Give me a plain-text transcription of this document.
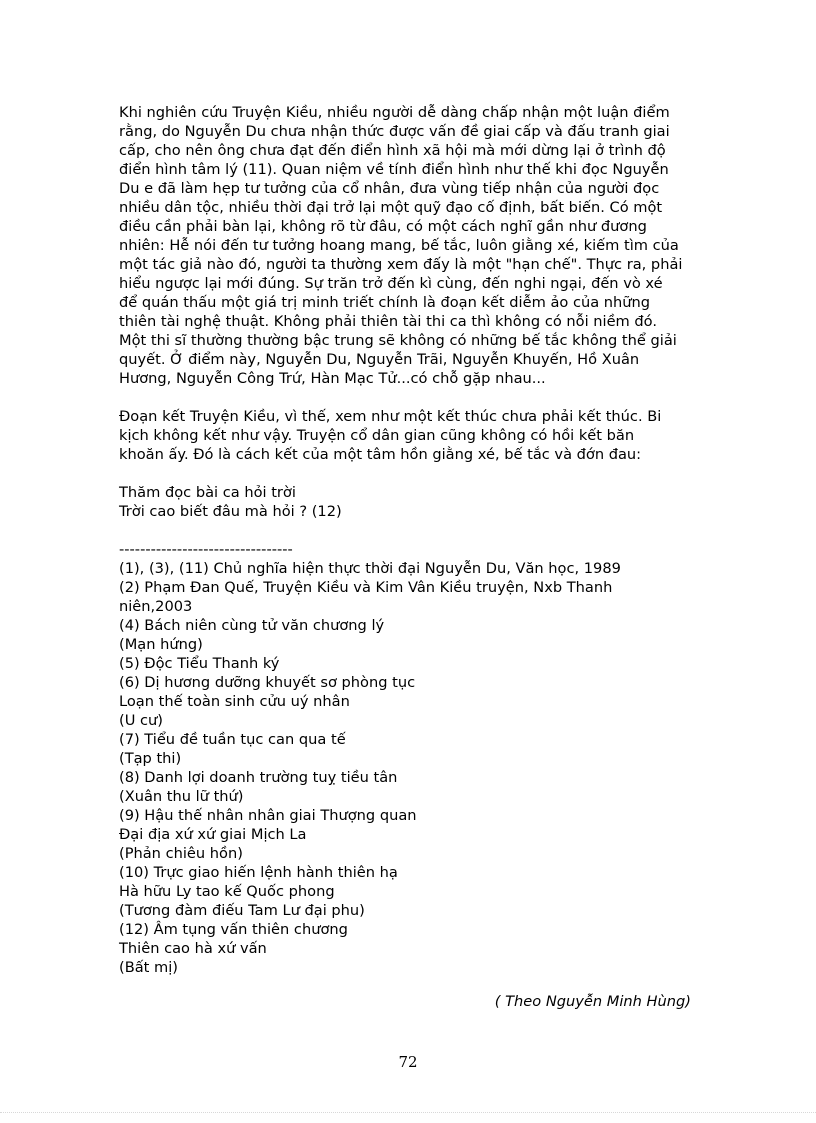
Khi nghiên cứu Truyện Kiều, nhiều người dễ dàng chấp nhận một luận điểm
rằng, do Nguyễn Du chưa nhận thức được vấn đề giai cấp và đấu tranh giai
cấp, cho nên ông chưa đạt đến điển hình xã hội mà mới dừng lại ở trình độ
điển hình tâm lý (11). Quan niệm về tính điển hình như thế khi đọc Nguyễn
Du e đã làm hẹp tư tưởng của cổ nhân, đưa vùng tiếp nhận của người đọc
nhiều dân tộc, nhiều thời đại trở lại một quỹ đạo cố định, bất biến. Có một
điều cần phải bàn lại, không rõ từ đâu, có một cách nghĩ gần như đương
nhiên: Hễ nói đến tư tưởng hoang mang, bế tắc, luôn giằng xé, kiếm tìm của
một tác giả nào đó, người ta thường xem đấy là một "hạn chế". Thực ra, phải
hiểu ngược lại mới đúng. Sự trăn trở đến kì cùng, đến nghi ngại, đến vò xé
để quán thấu một giá trị minh triết chính là đoạn kết diễm ảo của những
thiên tài nghệ thuật. Không phải thiên tài thi ca thì không có nỗi niềm đó.
Một thi sĩ thường thường bậc trung sẽ không có những bế tắc không thể giải
quyết. Ở điểm này, Nguyễn Du, Nguyễn Trãi, Nguyễn Khuyến, Hồ Xuân
Hương, Nguyễn Công Trứ, Hàn Mạc Tử...có chỗ gặp nhau...

Đoạn kết Truyện Kiều, vì thế, xem như một kết thúc chưa phải kết thúc. Bi
kịch không kết như vậy. Truyện cổ dân gian cũng không có hồi kết băn
khoăn ấy. Đó là cách kết của một tâm hồn giằng xé, bế tắc và đớn đau:

Thăm đọc bài ca hỏi trời
Trời cao biết đâu mà hỏi ? (12)
---------------------------------
(1), (3), (11) Chủ nghĩa hiện thực thời đại Nguyễn Du, Văn học, 1989
(2) Phạm Đan Quế, Truyện Kiều và Kim Vân Kiều truyện, Nxb Thanh
niên,2003
(4) Bách niên cùng tử văn chương lý
(Mạn hứng)
(5) Độc Tiểu Thanh ký
(6) Dị hương dưỡng khuyết sơ phòng tục
Loạn thế toàn sinh cửu uý nhân
(U cư)
(7) Tiểu đề tuần tục can qua tế
(Tạp thi)
(8) Danh lợi doanh trường tuỵ tiều tân
(Xuân thu lữ thứ)
(9) Hậu thế nhân nhân giai Thượng quan
Đại địa xứ xứ giai Mịch La
(Phản chiêu hồn)
(10) Trực giao hiến lệnh hành thiên hạ
Hà hữu Ly tao kế Quốc phong
(Tương đàm điếu Tam Lư đại phu)
(12) Âm tụng vấn thiên chương
Thiên cao hà xứ vấn
(Bất mị)
( Theo Nguyễn Minh Hùng)
72
